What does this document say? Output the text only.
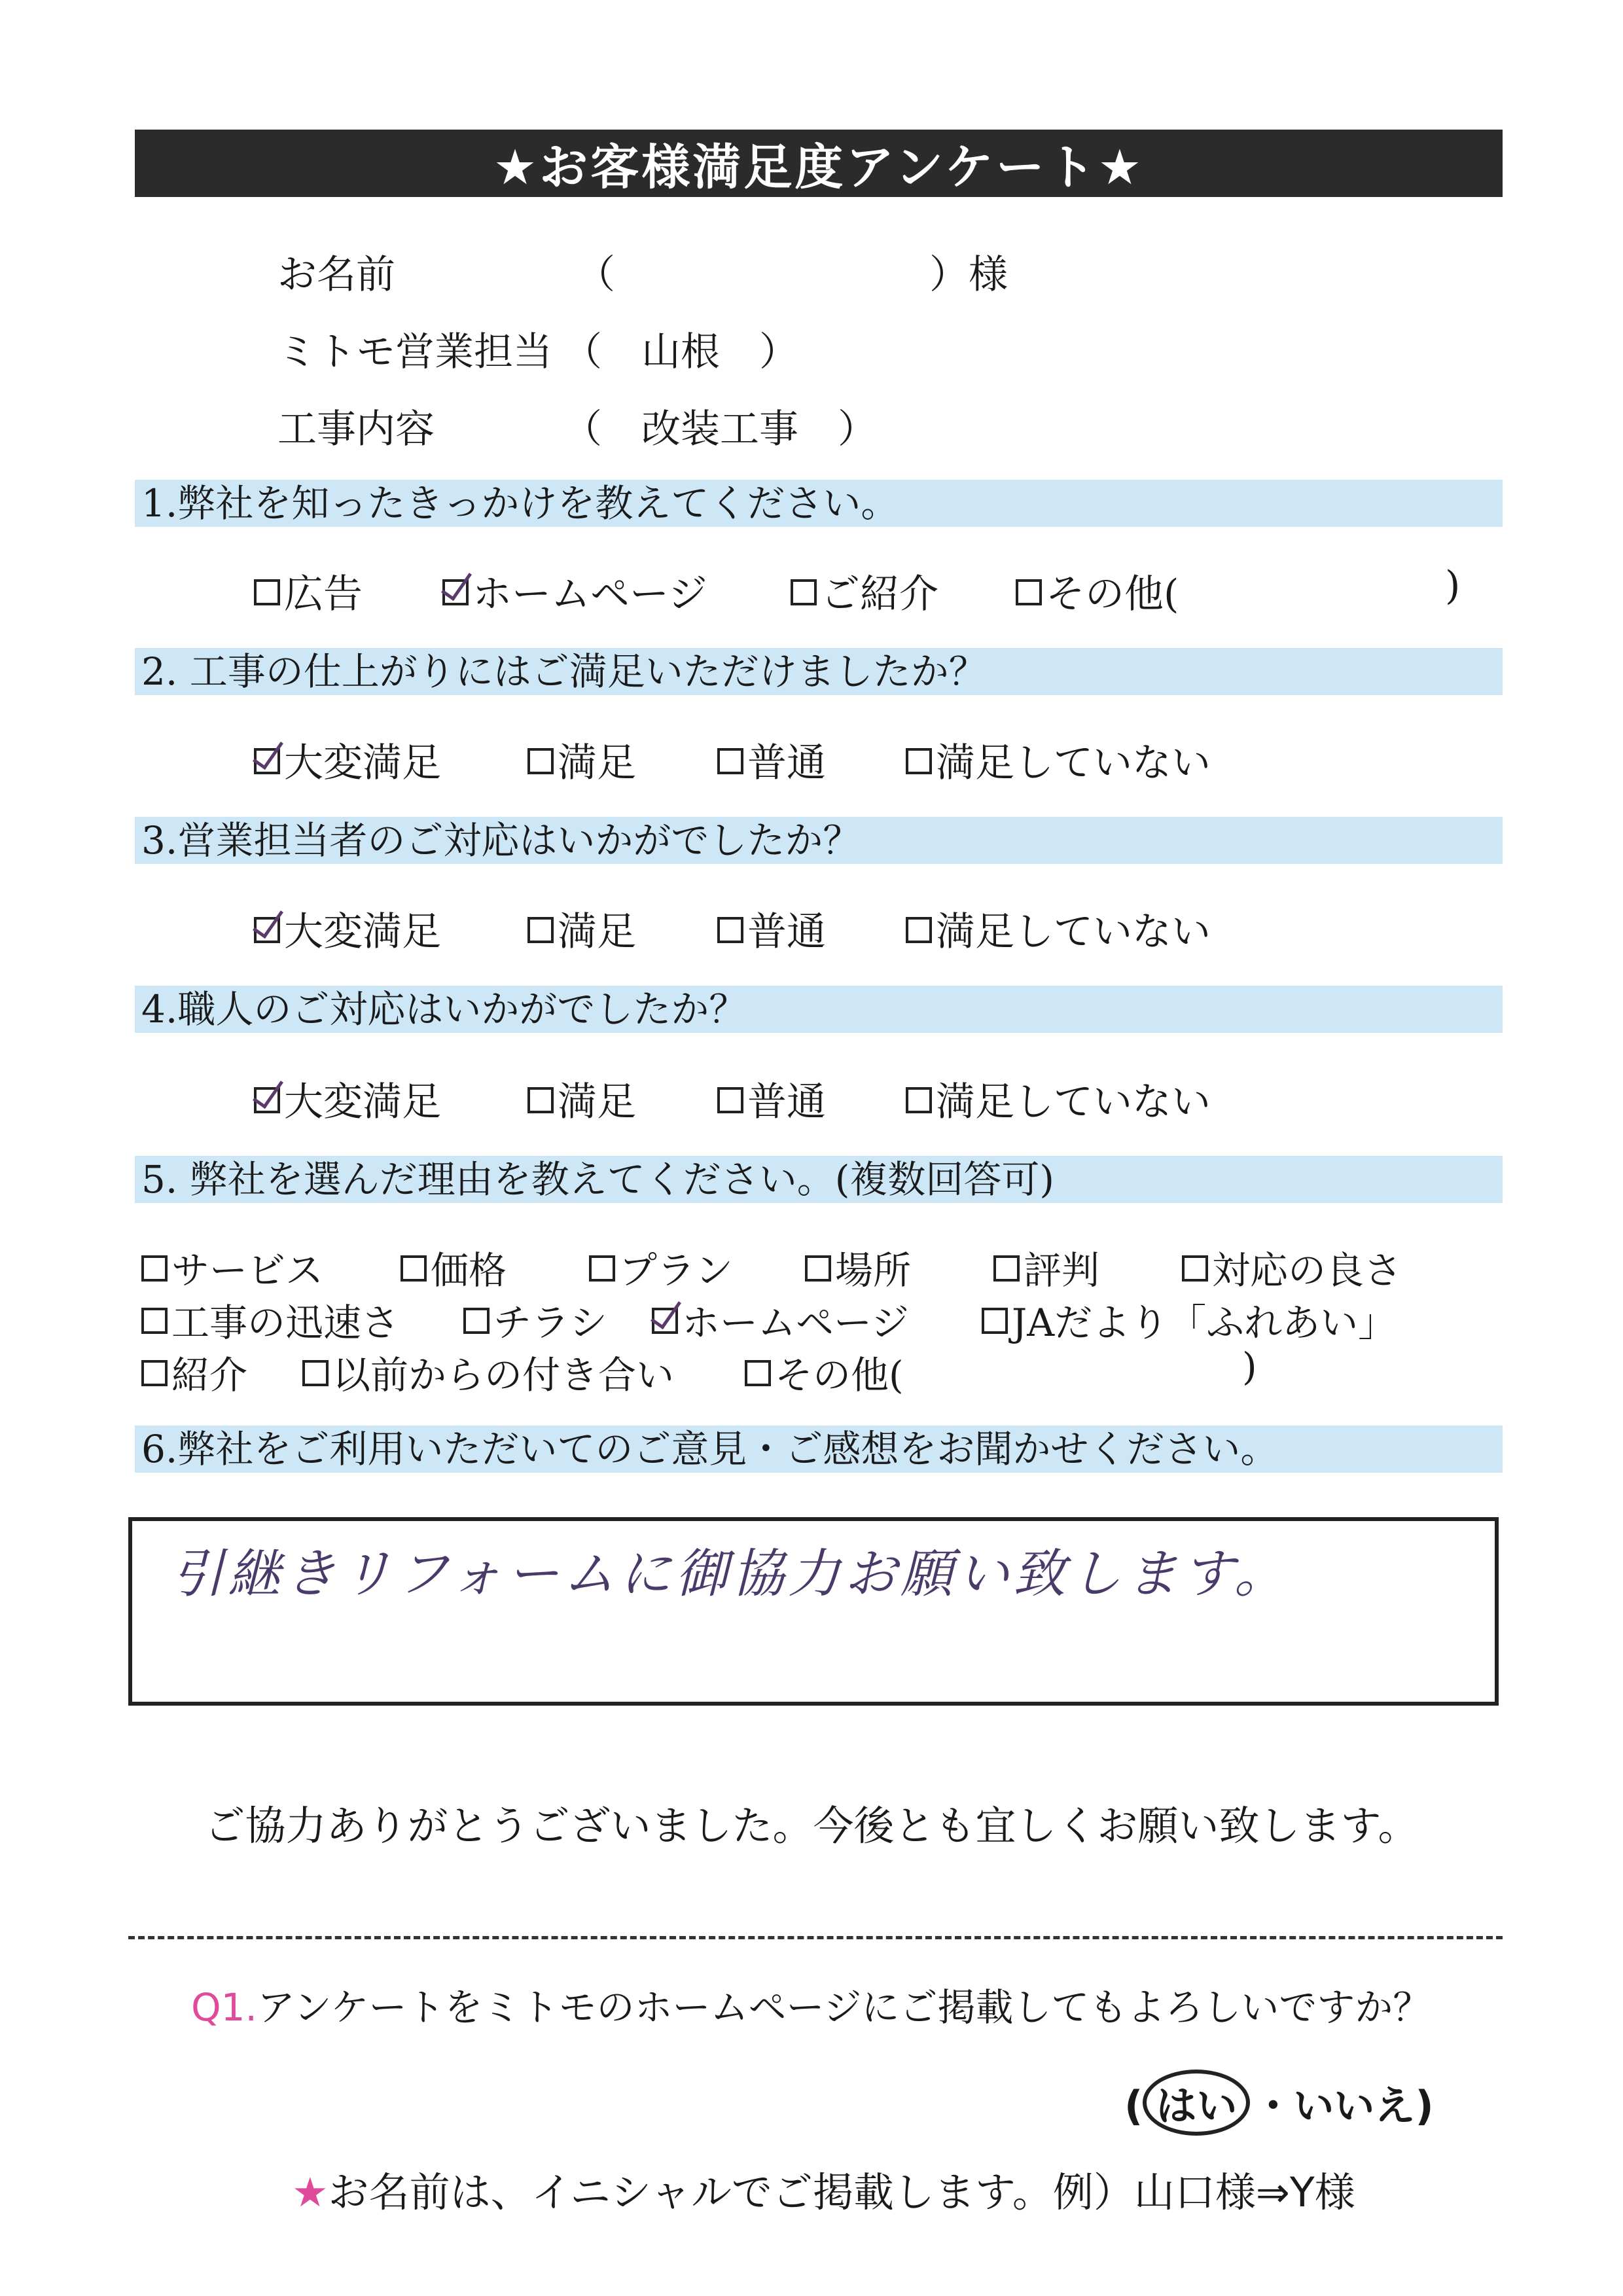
★お客様満足度アンケート★
お名前	（	）様
ミトモ営業担当 （　山根　）
工事内容	（　改装工事　）
1.弊社を知ったきっかけを教えてください。
広告	ホームページ	ご紹介	その他(	)
2. 工事の仕上がりにはご満足いただけましたか？
大変満足	満足	普通	満足していない
3.営業担当者のご対応はいかがでしたか？
大変満足	満足	普通	満足していない
4.職人のご対応はいかがでしたか？
大変満足	満足	普通	満足していない
5. 弊社を選んだ理由を教えてください。(複数回答可)
サービス	価格	プラン	場所	評判	対応の良さ
工事の迅速さ チラシ ホームページ	JAだより「ふれあい」
紹介 以前からの付き合い	その他(	)
6.弊社をご利用いただいてのご意見・ご感想をお聞かせください。
引継きリフォームに御協力お願い致します。
ご協力ありがとうございました。今後とも宜しくお願い致します。
Q1.アンケートをミトモのホームページにご掲載してもよろしいですか？
( はい ・いいえ)
★お名前は、イニシャルでご掲載します。例）山口様⇒Y様
